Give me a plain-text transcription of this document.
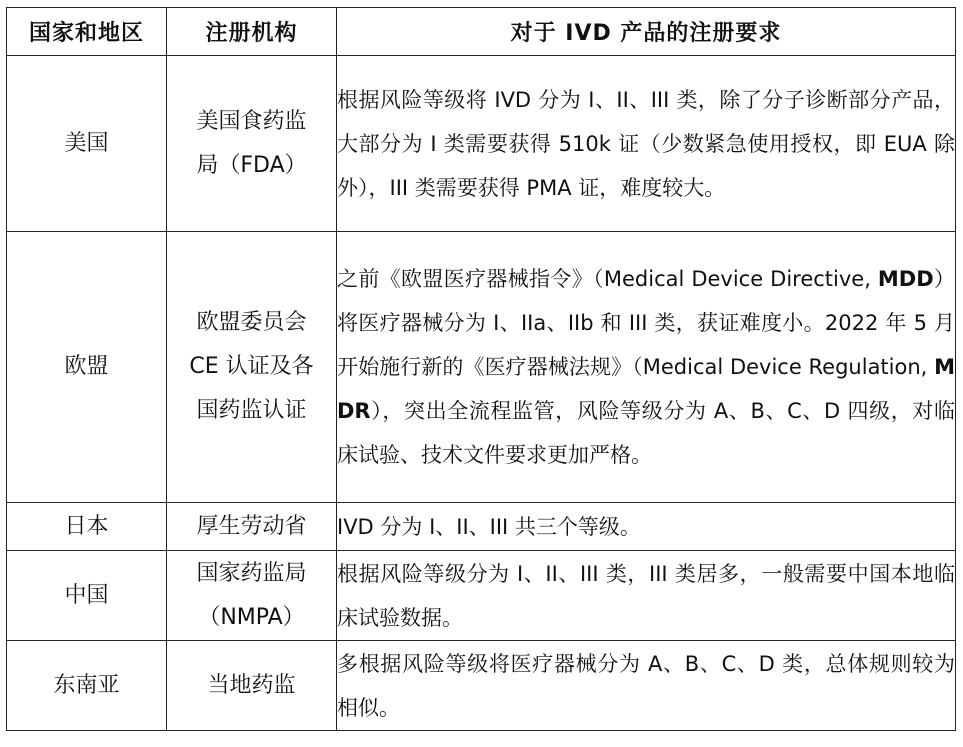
国家和地区	注册机构	对于 IVD 产品的注册要求
美国	美国食药监局（FDA）	根据风险等级将 IVD 分为 I、II、III 类，除了分子诊断部分产品，大部分为 I 类需要获得 510k 证（少数紧急使用授权，即 EUA 除外），III 类需要获得 PMA 证，难度较大。
欧盟	欧盟委员会 CE 认证及各国药监认证	之前《欧盟医疗器械指令》（Medical Device Directive, MDD）将医疗器械分为 I、IIa、IIb 和 III 类，获证难度小。2022 年 5 月开始施行新的《医疗器械法规》（Medical Device Regulation, MDR），突出全流程监管，风险等级分为 A、B、C、D 四级，对临床试验、技术文件要求更加严格。
日本	厚生劳动省	IVD 分为 I、II、III 共三个等级。
中国	国家药监局（NMPA）	根据风险等级分为 I、II、III 类，III 类居多，一般需要中国本地临床试验数据。
东南亚	当地药监	多根据风险等级将医疗器械分为 A、B、C、D 类，总体规则较为相似。
